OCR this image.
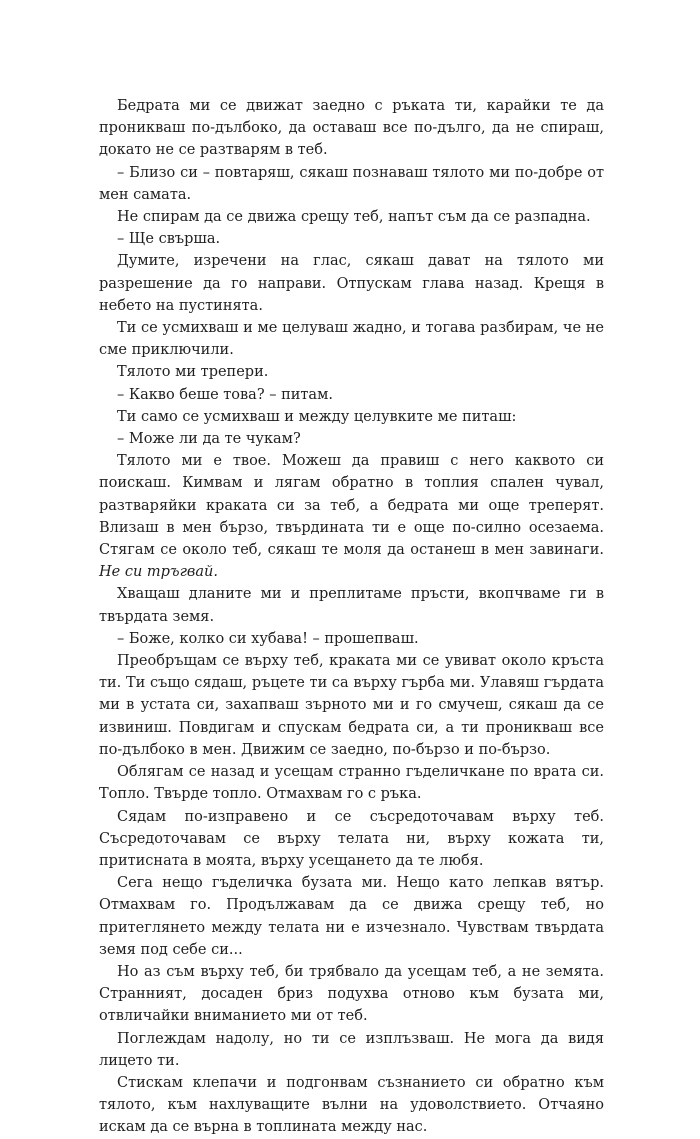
Бедрата ми се движат заедно с ръката ти, карайки те да проникваш по-дълбоко, да оставаш все по-дълго, да не спираш, докато не се разтварям в теб.

– Близо си – повтаряш, сякаш познаваш тялото ми по-добре от мен самата.

Не спирам да се движа срещу теб, напът съм да се разпадна.

– Ще свърша.

Думите, изречени на глас, сякаш дават на тялото ми разрешение да го направи. Отпускам глава назад. Крещя в небето на пустинята.

Ти се усмихваш и ме целуваш жадно, и тогава разбирам, че не сме приключили.

Тялото ми трепери.

– Какво беше това? – питам.

Ти само се усмихваш и между целувките ме питаш:

– Може ли да те чукам?

Тялото ми е твое. Можеш да правиш с него каквото си поискаш. Кимвам и лягам обратно в топлия спален чувал, разтваряйки краката си за теб, а бедрата ми още треперят. Влизаш в мен бързо, твърдината ти е още по-силно осезаема. Стягам се около теб, сякаш те моля да останеш в мен завинаги. Не си тръгвай.

Хващаш дланите ми и преплитаме пръсти, вкопчваме ги в твърдата земя.

– Боже, колко си хубава! – прошепваш.

Преобръщам се върху теб, краката ми се увиват около кръста ти. Ти също сядаш, ръцете ти са върху гърба ми. Улавяш гърдата ми в устата си, захапваш зърното ми и го смучеш, сякаш да се извиниш. Повдигам и спускам бедрата си, а ти проникваш все по-дълбоко в мен. Движим се заедно, по-бързо и по-бързо.

Облягам се назад и усещам странно гъделичкане по врата си. Топло. Твърде топло. Отмахвам го с ръка.

Сядам по-изправено и се съсредоточавам върху теб. Съсредоточавам се върху телата ни, върху кожата ти, притисната в моята, върху усещането да те любя.

Сега нещо гъделичка бузата ми. Нещо като лепкав вятър. Отмахвам го. Продължавам да се движа срещу теб, но притеглянето между телата ни е изчезнало. Чувствам твърдата земя под себе си...

Но аз съм върху теб, би трябвало да усещам теб, а не земята. Странният, досаден бриз подухва отново към бузата ми, отвличайки вниманието ми от теб.

Поглеждам надолу, но ти се изплъзваш. Не мога да видя лицето ти.

Стискам клепачи и подгонвам съзнанието си обратно към тялото, към нахлуващите вълни на удоволствието. Отчаяно искам да се върна в топлината между нас.
